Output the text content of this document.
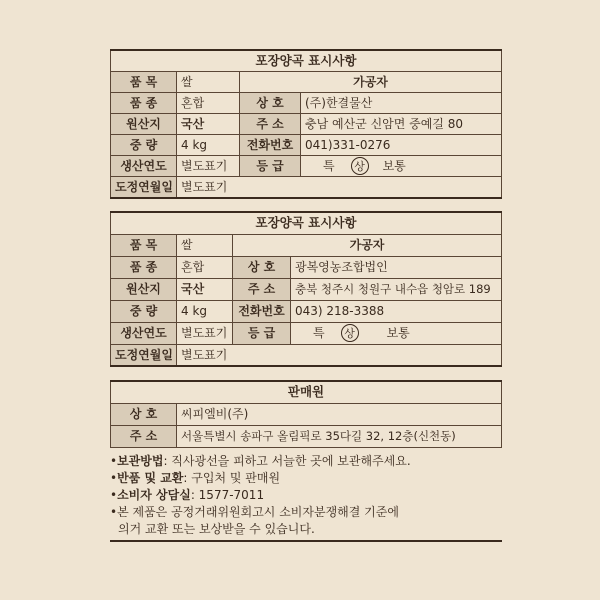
포장양곡 표시사항			
품 목	쌀	가공자	
품 종	혼합	상 호	(주)한결물산
원산지	국산	주 소	충남 예산군 신암면 중예길 80
중 량	4 kg	전화번호	041)331-0276
생산연도	별도표기	등 급	특 상 보통
도정연월일	별도표기		
포장양곡 표시사항			
품 목	쌀	가공자	
품 종	혼합	상 호	광복영농조합법인
원산지	국산	주 소	충북 청주시 청원구 내수읍 청암로 189
중 량	4 kg	전화번호	043) 218-3388
생산연도	별도표기	등 급	특 상 보통
도정연월일	별도표기		
판매원	
상 호	씨피엘비(주)
주 소	서울특별시 송파구 올림픽로 35다길 32, 12층(신천동)
•보관방법: 직사광선을 피하고 서늘한 곳에 보관해주세요.
•반품 및 교환: 구입처 및 판매원
•소비자 상담실: 1577-7011
•본 제품은 공정거래위원회고시 소비자분쟁해결 기준에
의거 교환 또는 보상받을 수 있습니다.
